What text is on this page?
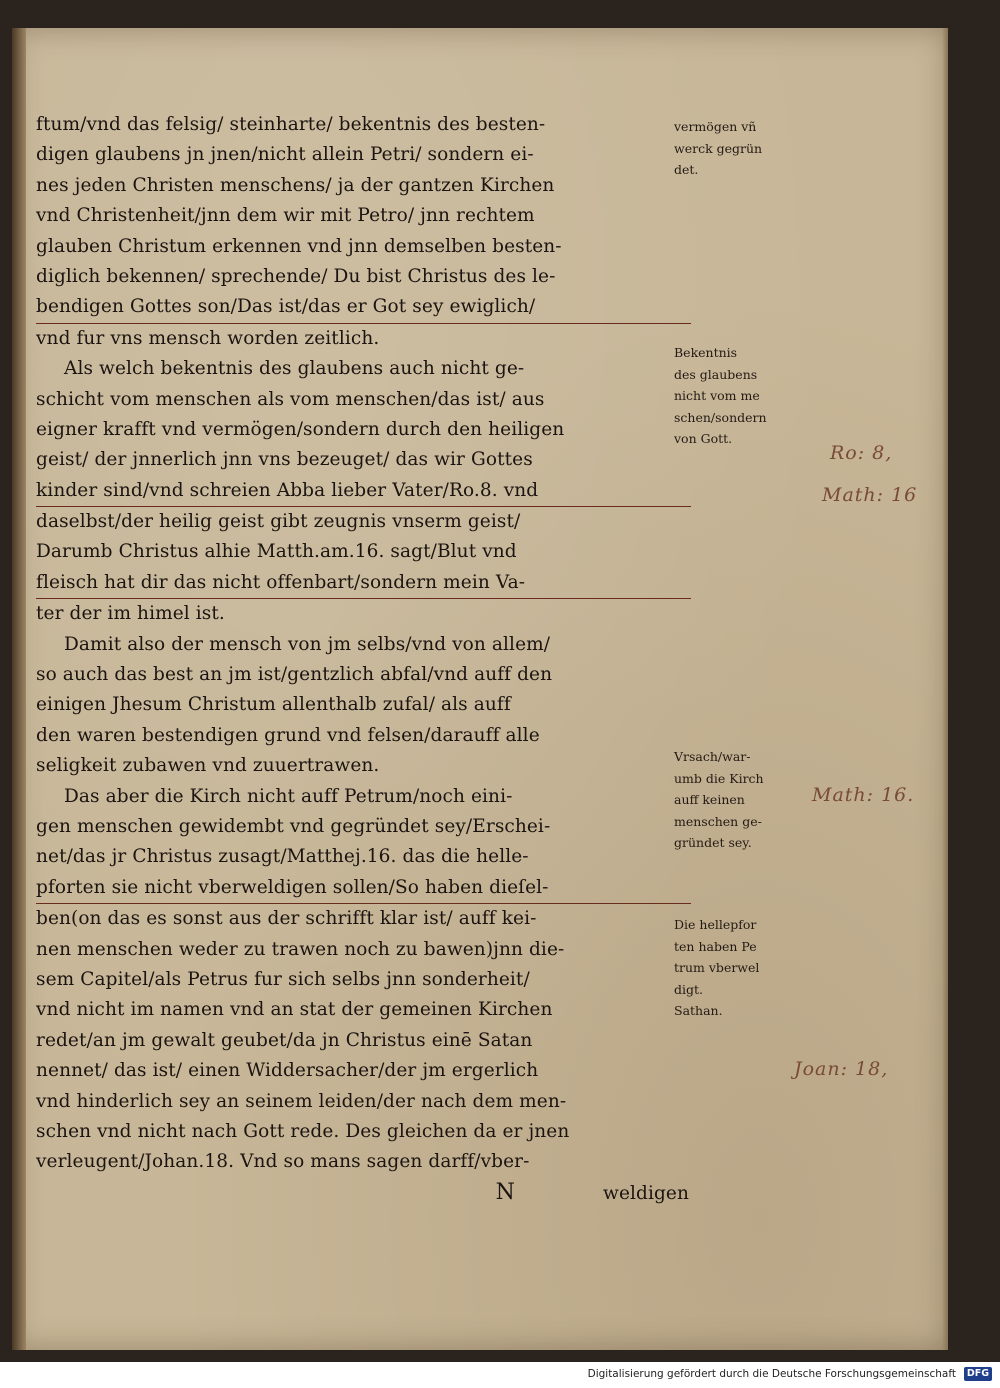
ftum/vnd das felsig/ steinharte/ bekentnis des besten-
digen glaubens jn jnen/nicht allein Petri/ sondern ei-
nes jeden Christen menschens/ ja der gantzen Kirchen
vnd Christenheit/jnn dem wir mit Petro/ jnn rechtem
glauben Christum erkennen vnd jnn demselben besten-
diglich bekennen/ sprechende/ Du bist Christus des le-
bendigen Gottes son/Das ist/das er Got sey ewiglich/
vnd fur vns mensch worden zeitlich.
Als welch bekentnis des glaubens auch nicht ge-
schicht vom menschen als vom menschen/das ist/ aus
eigner krafft vnd vermögen/sondern durch den heiligen
geist/ der jnnerlich jnn vns bezeuget/ das wir Gottes
kinder sind/vnd schreien Abba lieber Vater/Ro.8. vnd
daselbst/der heilig geist gibt zeugnis vnserm geist/
Darumb Christus alhie Matth.am.16. sagt/Blut vnd
fleisch hat dir das nicht offenbart/sondern mein Va-
ter der im himel ist.
Damit also der mensch von jm selbs/vnd von allem/
so auch das best an jm ist/gentzlich abfal/vnd auff den
einigen Jhesum Christum allenthalb zufal/ als auff
den waren bestendigen grund vnd felsen/darauff alle
seligkeit zubawen vnd zuuertrawen.
Das aber die Kirch nicht auff Petrum/noch eini-
gen menschen gewidembt vnd gegründet sey/Erschei-
net/das jr Christus zusagt/Matthej.16. das die helle-
pforten sie nicht vberweldigen sollen/So haben dieſel-
ben(on das es sonst aus der schrifft klar ist/ auff kei-
nen menschen weder zu trawen noch zu bawen)jnn die-
sem Capitel/als Petrus fur sich selbs jnn sonderheit/
vnd nicht im namen vnd an stat der gemeinen Kirchen
redet/an jm gewalt geubet/da jn Christus einē Satan
nennet/ das ist/ einen Widdersacher/der jm ergerlich
vnd hinderlich sey an seinem leiden/der nach dem men-
schen vnd nicht nach Gott rede. Des gleichen da er jnen
verleugent/Johan.18. Vnd so mans sagen darff/vber-
N	weldigen
vermögen vñ
werck gegrün
det.
Bekentnis
des glaubens
nicht vom me
schen/sondern
von Gott.
Vrsach/war-
umb die Kirch
auff keinen
menschen ge-
gründet sey.
Die hellepfor
ten haben Pe
trum vberwel
digt.
Sathan.
Ro: 8,
Math: 16
Math: 16.
Joan: 18,
Digitalisierung gefördert durch die Deutsche Forschungsgemeinschaft	DFG
